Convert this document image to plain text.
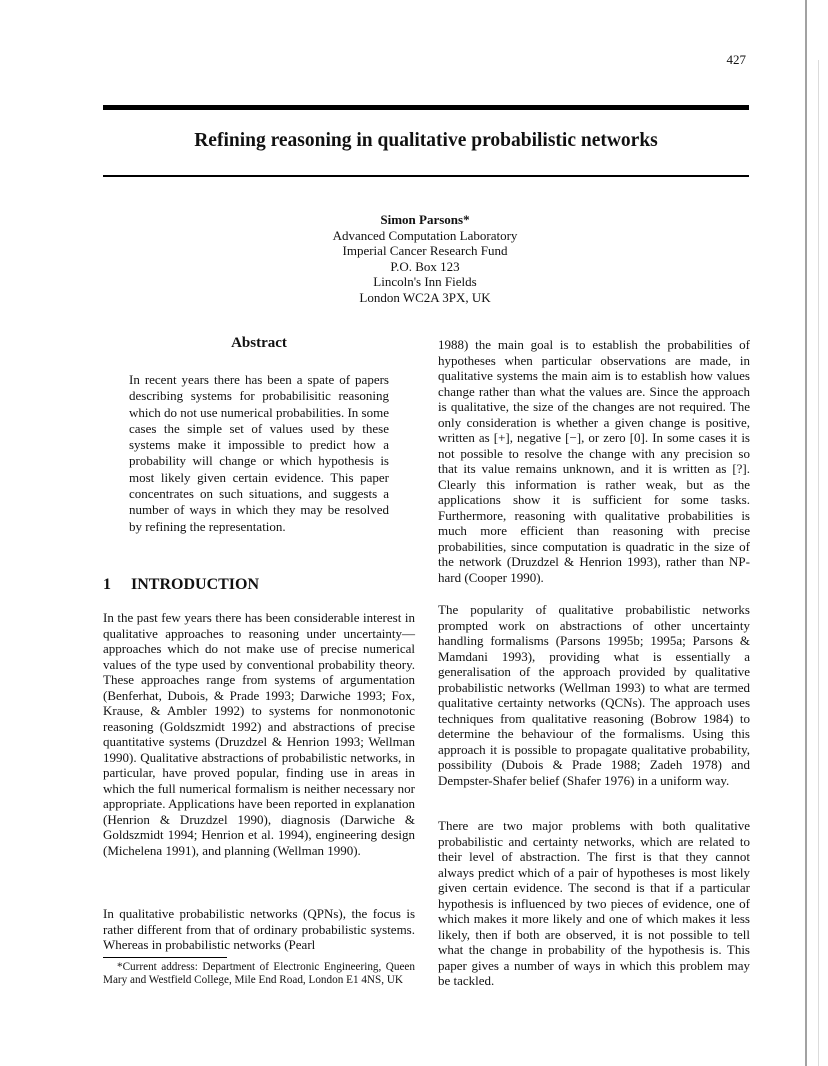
427
Refining reasoning in qualitative probabilistic networks
Simon Parsons*
Advanced Computation Laboratory
Imperial Cancer Research Fund
P.O. Box 123
Lincoln's Inn Fields
London WC2A 3PX, UK
Abstract

In recent years there has been a spate of papers describing systems for probabilisitic reasoning which do not use numerical probabilities. In some cases the simple set of values used by these systems make it impossible to predict how a probability will change or which hypothesis is most likely given certain evidence. This paper concentrates on such situations, and suggests a number of ways in which they may be resolved by refining the representation.

1 INTRODUCTION

In the past few years there has been considerable interest in qualitative approaches to reasoning under uncertainty—approaches which do not make use of precise numerical values of the type used by conventional probability theory. These approaches range from systems of argumentation (Benferhat, Dubois, & Prade 1993; Darwiche 1993; Fox, Krause, & Ambler 1992) to systems for nonmonotonic reasoning (Goldszmidt 1992) and abstractions of precise quantitative systems (Druzdzel & Henrion 1993; Wellman 1990). Qualitative abstractions of probabilistic networks, in particular, have proved popular, finding use in areas in which the full numerical formalism is neither necessary nor appropriate. Applications have been reported in explanation (Henrion & Druzdzel 1990), diagnosis (Darwiche & Goldszmidt 1994; Henrion et al. 1994), engineering design (Michelena 1991), and planning (Wellman 1990).

In qualitative probabilistic networks (QPNs), the focus is rather different from that of ordinary probabilistic systems. Whereas in probabilistic networks (Pearl

*Current address: Department of Electronic Engineering, Queen Mary and Westfield College, Mile End Road, London E1 4NS, UK

1988) the main goal is to establish the probabilities of hypotheses when particular observations are made, in qualitative systems the main aim is to establish how values change rather than what the values are. Since the approach is qualitative, the size of the changes are not required. The only consideration is whether a given change is positive, written as [+], negative [−], or zero [0]. In some cases it is not possible to resolve the change with any precision so that its value remains unknown, and it is written as [?]. Clearly this information is rather weak, but as the applications show it is sufficient for some tasks. Furthermore, reasoning with qualitative probabilities is much more efficient than reasoning with precise probabilities, since computation is quadratic in the size of the network (Druzdzel & Henrion 1993), rather than NP-hard (Cooper 1990).

The popularity of qualitative probabilistic networks prompted work on abstractions of other uncertainty handling formalisms (Parsons 1995b; 1995a; Parsons & Mamdani 1993), providing what is essentially a generalisation of the approach provided by qualitative probabilistic networks (Wellman 1993) to what are termed qualitative certainty networks (QCNs). The approach uses techniques from qualitative reasoning (Bobrow 1984) to determine the behaviour of the formalisms. Using this approach it is possible to propagate qualitative probability, possibility (Dubois & Prade 1988; Zadeh 1978) and Dempster-Shafer belief (Shafer 1976) in a uniform way.

There are two major problems with both qualitative probabilistic and certainty networks, which are related to their level of abstraction. The first is that they cannot always predict which of a pair of hypotheses is most likely given certain evidence. The second is that if a particular hypothesis is influenced by two pieces of evidence, one of which makes it more likely and one of which makes it less likely, then if both are observed, it is not possible to tell what the change in probability of the hypothesis is. This paper gives a number of ways in which this problem may be tackled.
